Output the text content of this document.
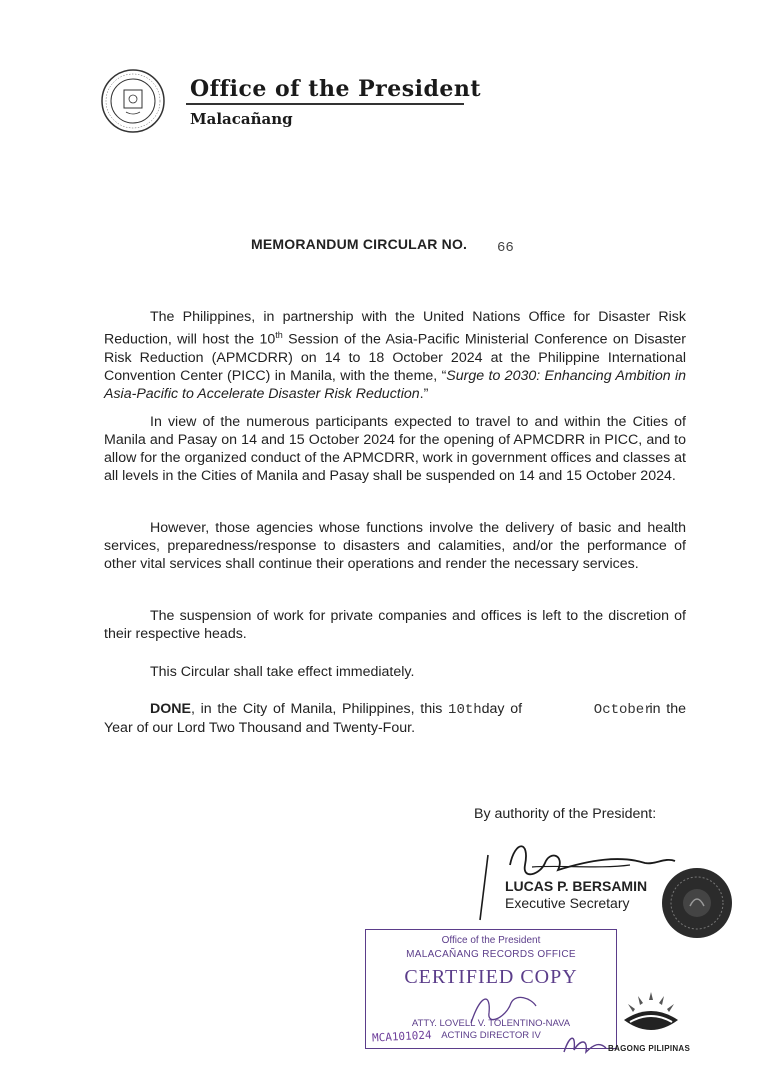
Office of the President
Malacañang
MEMORANDUM CIRCULAR NO. 66
The Philippines, in partnership with the United Nations Office for Disaster Risk Reduction, will host the 10th Session of the Asia-Pacific Ministerial Conference on Disaster Risk Reduction (APMCDRR) on 14 to 18 October 2024 at the Philippine International Convention Center (PICC) in Manila, with the theme, “Surge to 2030: Enhancing Ambition in Asia-Pacific to Accelerate Disaster Risk Reduction.”
In view of the numerous participants expected to travel to and within the Cities of Manila and Pasay on 14 and 15 October 2024 for the opening of APMCDRR in PICC, and to allow for the organized conduct of the APMCDRR, work in government offices and classes at all levels in the Cities of Manila and Pasay shall be suspended on 14 and 15 October 2024.
However, those agencies whose functions involve the delivery of basic and health services, preparedness/response to disasters and calamities, and/or the performance of other vital services shall continue their operations and render the necessary services.
The suspension of work for private companies and offices is left to the discretion of their respective heads.
This Circular shall take effect immediately.
DONE, in the City of Manila, Philippines, this 10thday of	October in the Year of our Lord Two Thousand and Twenty-Four.
By authority of the President:
LUCAS P. BERSAMIN
Executive Secretary
Office of the President
MALACAÑANG RECORDS OFFICE
CERTIFIED COPY
ATTY. LOVELL V. TOLENTINO-NAVA
ACTING DIRECTOR IV
MCA101024
BAGONG PILIPINAS
